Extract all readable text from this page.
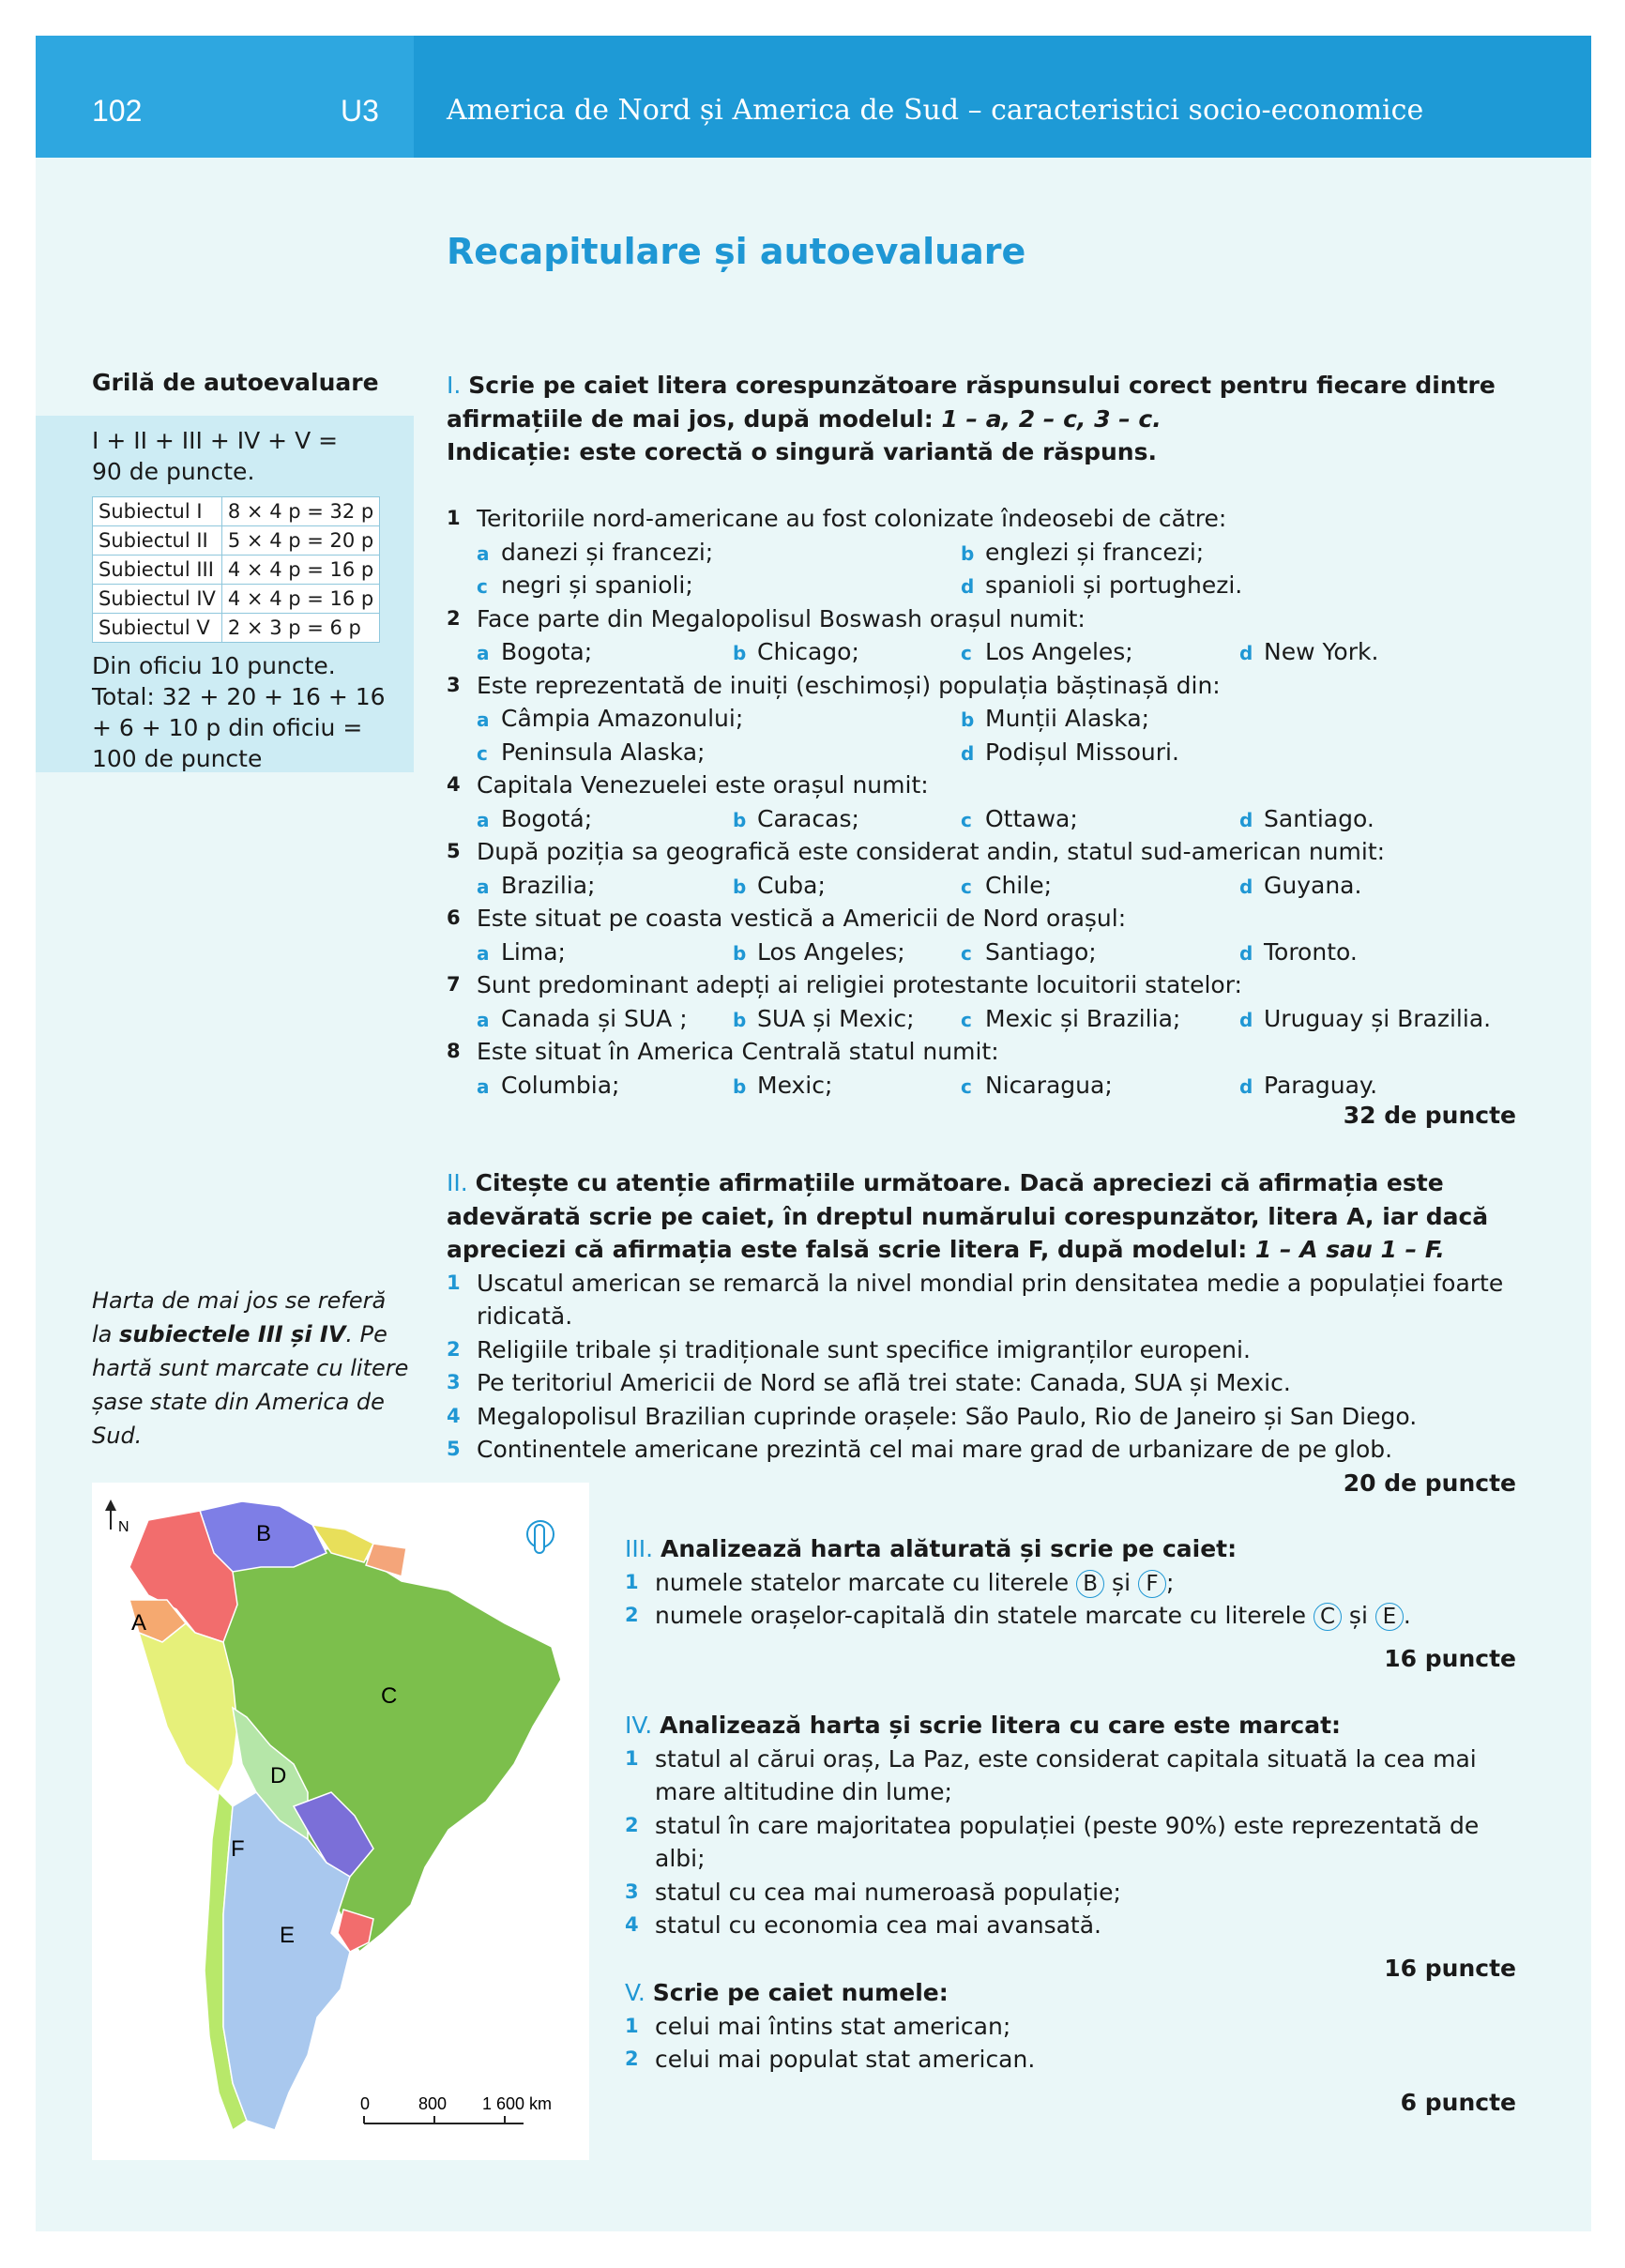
102	U3 America de Nord și America de Sud – caracteristici socio-economice
Recapitulare și autoevaluare
Grilă de autoevaluare
I + II + III + IV + V =
90 de puncte.
Subiectul I	8 × 4 p = 32 p
Subiectul II	5 × 4 p = 20 p
Subiectul III	4 × 4 p = 16 p
Subiectul IV	4 × 4 p = 16 p
Subiectul V	2 × 3 p = 6 p
Din oficiu 10 puncte.
Total: 32 + 20 + 16 + 16
+ 6 + 10 p din oficiu =
100 de puncte
Harta de mai jos se referă la subiectele III și IV. Pe hartă sunt marcate cu litere șase state din America de Sud.
N	B
A
C
D
F
E
0	800 1 600 km
I. Scrie pe caiet litera corespunzătoare răspunsului corect pentru fiecare dintre afirmațiile de mai jos, după modelul: 1 – a, 2 – c, 3 – c.
Indicație: este corectă o singură variantă de răspuns.
1 Teritoriile nord-americane au fost colonizate îndeosebi de către:
a danezi și francezi;	b englezi și francezi;
c negri și spanioli;	d spanioli și portughezi.
2 Face parte din Megalopolisul Boswash orașul numit:
a Bogota;	b Chicago;	c Los Angeles;	d New York.
3 Este reprezentată de inuiți (eschimoși) populația băștinașă din:
a Câmpia Amazonului;	b Munții Alaska;
c Peninsula Alaska;	d Podișul Missouri.
4 Capitala Venezuelei este orașul numit:
a Bogotá;	b Caracas;	c Ottawa;	d Santiago.
5 După poziția sa geografică este considerat andin, statul sud-american numit:
a Brazilia;	b Cuba;	c Chile;	d Guyana.
6 Este situat pe coasta vestică a Americii de Nord orașul:
a Lima;	b Los Angeles;	c Santiago;	d Toronto.
7 Sunt predominant adepți ai religiei protestante locuitorii statelor:
a Canada și SUA ; b SUA și Mexic; c Mexic și Brazilia;	d Uruguay și Brazilia.
8 Este situat în America Centrală statul numit:
a Columbia;	b Mexic;	c Nicaragua;	d Paraguay.
32 de puncte
II. Citește cu atenție afirmațiile următoare. Dacă apreciezi că afirmația este adevărată scrie pe caiet, în dreptul numărului corespunzător, litera A, iar dacă apreciezi că afirmația este falsă scrie litera F, după modelul: 1 – A sau 1 – F.
1 Uscatul american se remarcă la nivel mondial prin densitatea medie a populației foarte ridicată.
2 Religiile tribale și tradiționale sunt specifice imigranților europeni.
3 Pe teritoriul Americii de Nord se află trei state: Canada, SUA și Mexic.
4 Megalopolisul Brazilian cuprinde orașele: São Paulo, Rio de Janeiro și San Diego.
5 Continentele americane prezintă cel mai mare grad de urbanizare de pe glob.
20 de puncte
III. Analizează harta alăturată și scrie pe caiet:
1 numele statelor marcate cu literele B și F ;
2 numele orașelor-capitală din statele marcate cu literele C și E .
16 puncte
IV. Analizează harta și scrie litera cu care este marcat:
1 statul al cărui oraș, La Paz, este considerat capitala situată la cea mai mare altitudine din lume;
2 statul în care majoritatea populației (peste 90%) este reprezentată de albi;
3 statul cu cea mai numeroasă populație;
4 statul cu economia cea mai avansată.
16 puncte
V. Scrie pe caiet numele:
1 celui mai întins stat american;
2 celui mai populat stat american.
6 puncte
